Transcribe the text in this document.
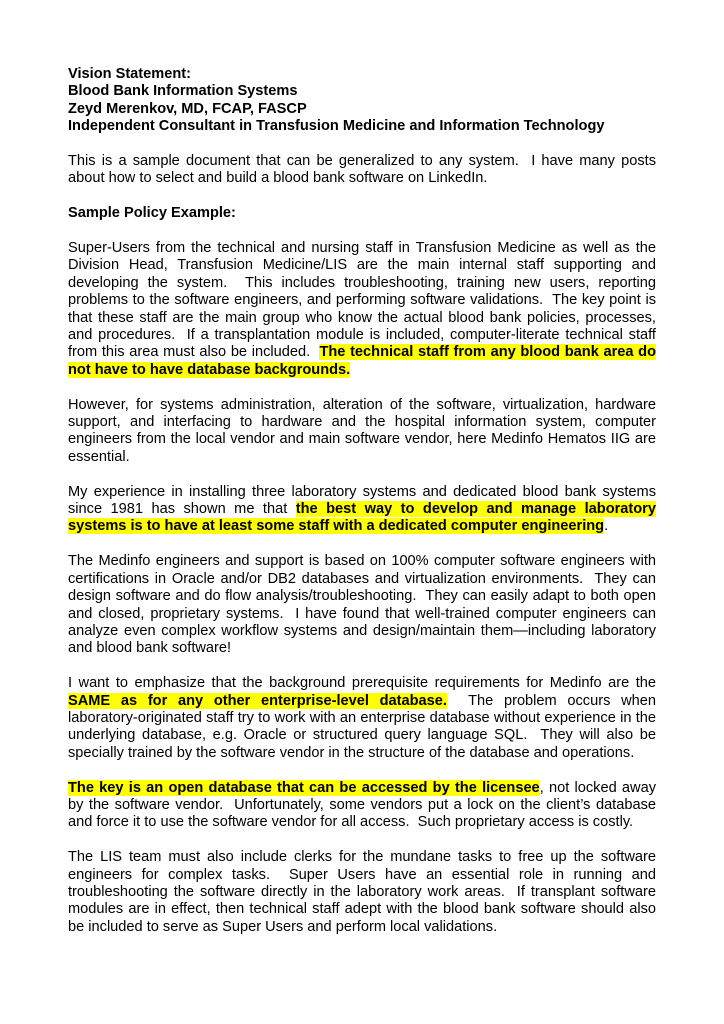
Vision Statement:
Blood Bank Information Systems
Zeyd Merenkov, MD, FCAP, FASCP
Independent Consultant in Transfusion Medicine and Information Technology
This is a sample document that can be generalized to any system.  I have many posts about how to select and build a blood bank software on LinkedIn.
Sample Policy Example:
Super-Users from the technical and nursing staff in Transfusion Medicine as well as the Division Head, Transfusion Medicine/LIS are the main internal staff supporting and developing the system.  This includes troubleshooting, training new users, reporting problems to the software engineers, and performing software validations.  The key point is that these staff are the main group who know the actual blood bank policies, processes, and procedures.  If a transplantation module is included, computer-literate technical staff from this area must also be included.  The technical staff from any blood bank area do not have to have database backgrounds.
However, for systems administration, alteration of the software, virtualization, hardware support, and interfacing to hardware and the hospital information system, computer engineers from the local vendor and main software vendor, here Medinfo Hematos IIG are essential.
My experience in installing three laboratory systems and dedicated blood bank systems since 1981 has shown me that the best way to develop and manage laboratory systems is to have at least some staff with a dedicated computer engineering.
The Medinfo engineers and support is based on 100% computer software engineers with certifications in Oracle and/or DB2 databases and virtualization environments.  They can design software and do flow analysis/troubleshooting.  They can easily adapt to both open and closed, proprietary systems.  I have found that well-trained computer engineers can analyze even complex workflow systems and design/maintain them—including laboratory and blood bank software!
I want to emphasize that the background prerequisite requirements for Medinfo are the SAME as for any other enterprise-level database.  The problem occurs when laboratory-originated staff try to work with an enterprise database without experience in the underlying database, e.g. Oracle or structured query language SQL.  They will also be specially trained by the software vendor in the structure of the database and operations.
The key is an open database that can be accessed by the licensee, not locked away by the software vendor.  Unfortunately, some vendors put a lock on the client’s database and force it to use the software vendor for all access.  Such proprietary access is costly.
The LIS team must also include clerks for the mundane tasks to free up the software engineers for complex tasks.  Super Users have an essential role in running and troubleshooting the software directly in the laboratory work areas.  If transplant software modules are in effect, then technical staff adept with the blood bank software should also be included to serve as Super Users and perform local validations.
